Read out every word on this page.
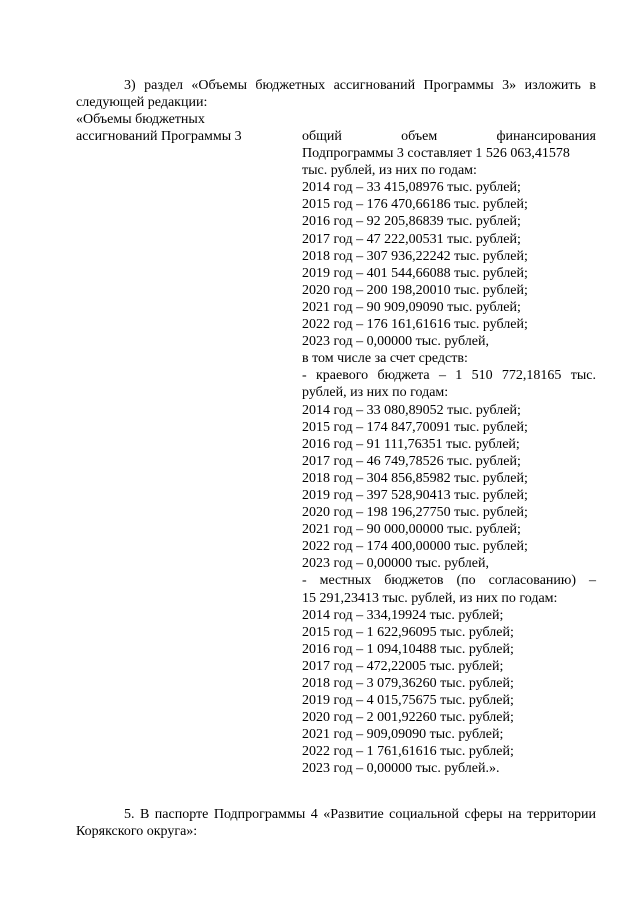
3) раздел «Объемы бюджетных ассигнований Программы 3» изложить в следующей редакции:

«Объемы бюджетных
ассигнований Программы 3	общий объем финансирования
Подпрограммы 3 составляет 1 526 063,41578
тыс. рублей, из них по годам:
2014 год – 33 415,08976 тыс. рублей;
2015 год – 176 470,66186 тыс. рублей;
2016 год – 92 205,86839 тыс. рублей;
2017 год – 47 222,00531 тыс. рублей;
2018 год – 307 936,22242 тыс. рублей;
2019 год – 401 544,66088 тыс. рублей;
2020 год – 200 198,20010 тыс. рублей;
2021 год – 90 909,09090 тыс. рублей;
2022 год – 176 161,61616 тыс. рублей;
2023 год – 0,00000 тыс. рублей,
в том числе за счет средств:
- краевого бюджета – 1 510 772,18165 тыс.
рублей, из них по годам:
2014 год – 33 080,89052 тыс. рублей;
2015 год – 174 847,70091 тыс. рублей;
2016 год – 91 111,76351 тыс. рублей;
2017 год – 46 749,78526 тыс. рублей;
2018 год – 304 856,85982 тыс. рублей;
2019 год – 397 528,90413 тыс. рублей;
2020 год – 198 196,27750 тыс. рублей;
2021 год – 90 000,00000 тыс. рублей;
2022 год – 174 400,00000 тыс. рублей;
2023 год – 0,00000 тыс. рублей,
- местных бюджетов (по согласованию) –
15 291,23413 тыс. рублей, из них по годам:
2014 год – 334,19924 тыс. рублей;
2015 год – 1 622,96095 тыс. рублей;
2016 год – 1 094,10488 тыс. рублей;
2017 год – 472,22005 тыс. рублей;
2018 год – 3 079,36260 тыс. рублей;
2019 год – 4 015,75675 тыс. рублей;
2020 год – 2 001,92260 тыс. рублей;
2021 год – 909,09090 тыс. рублей;
2022 год – 1 761,61616 тыс. рублей;
2023 год – 0,00000 тыс. рублей.».

5. В паспорте Подпрограммы 4 «Развитие социальной сферы на территории Корякского округа»:
